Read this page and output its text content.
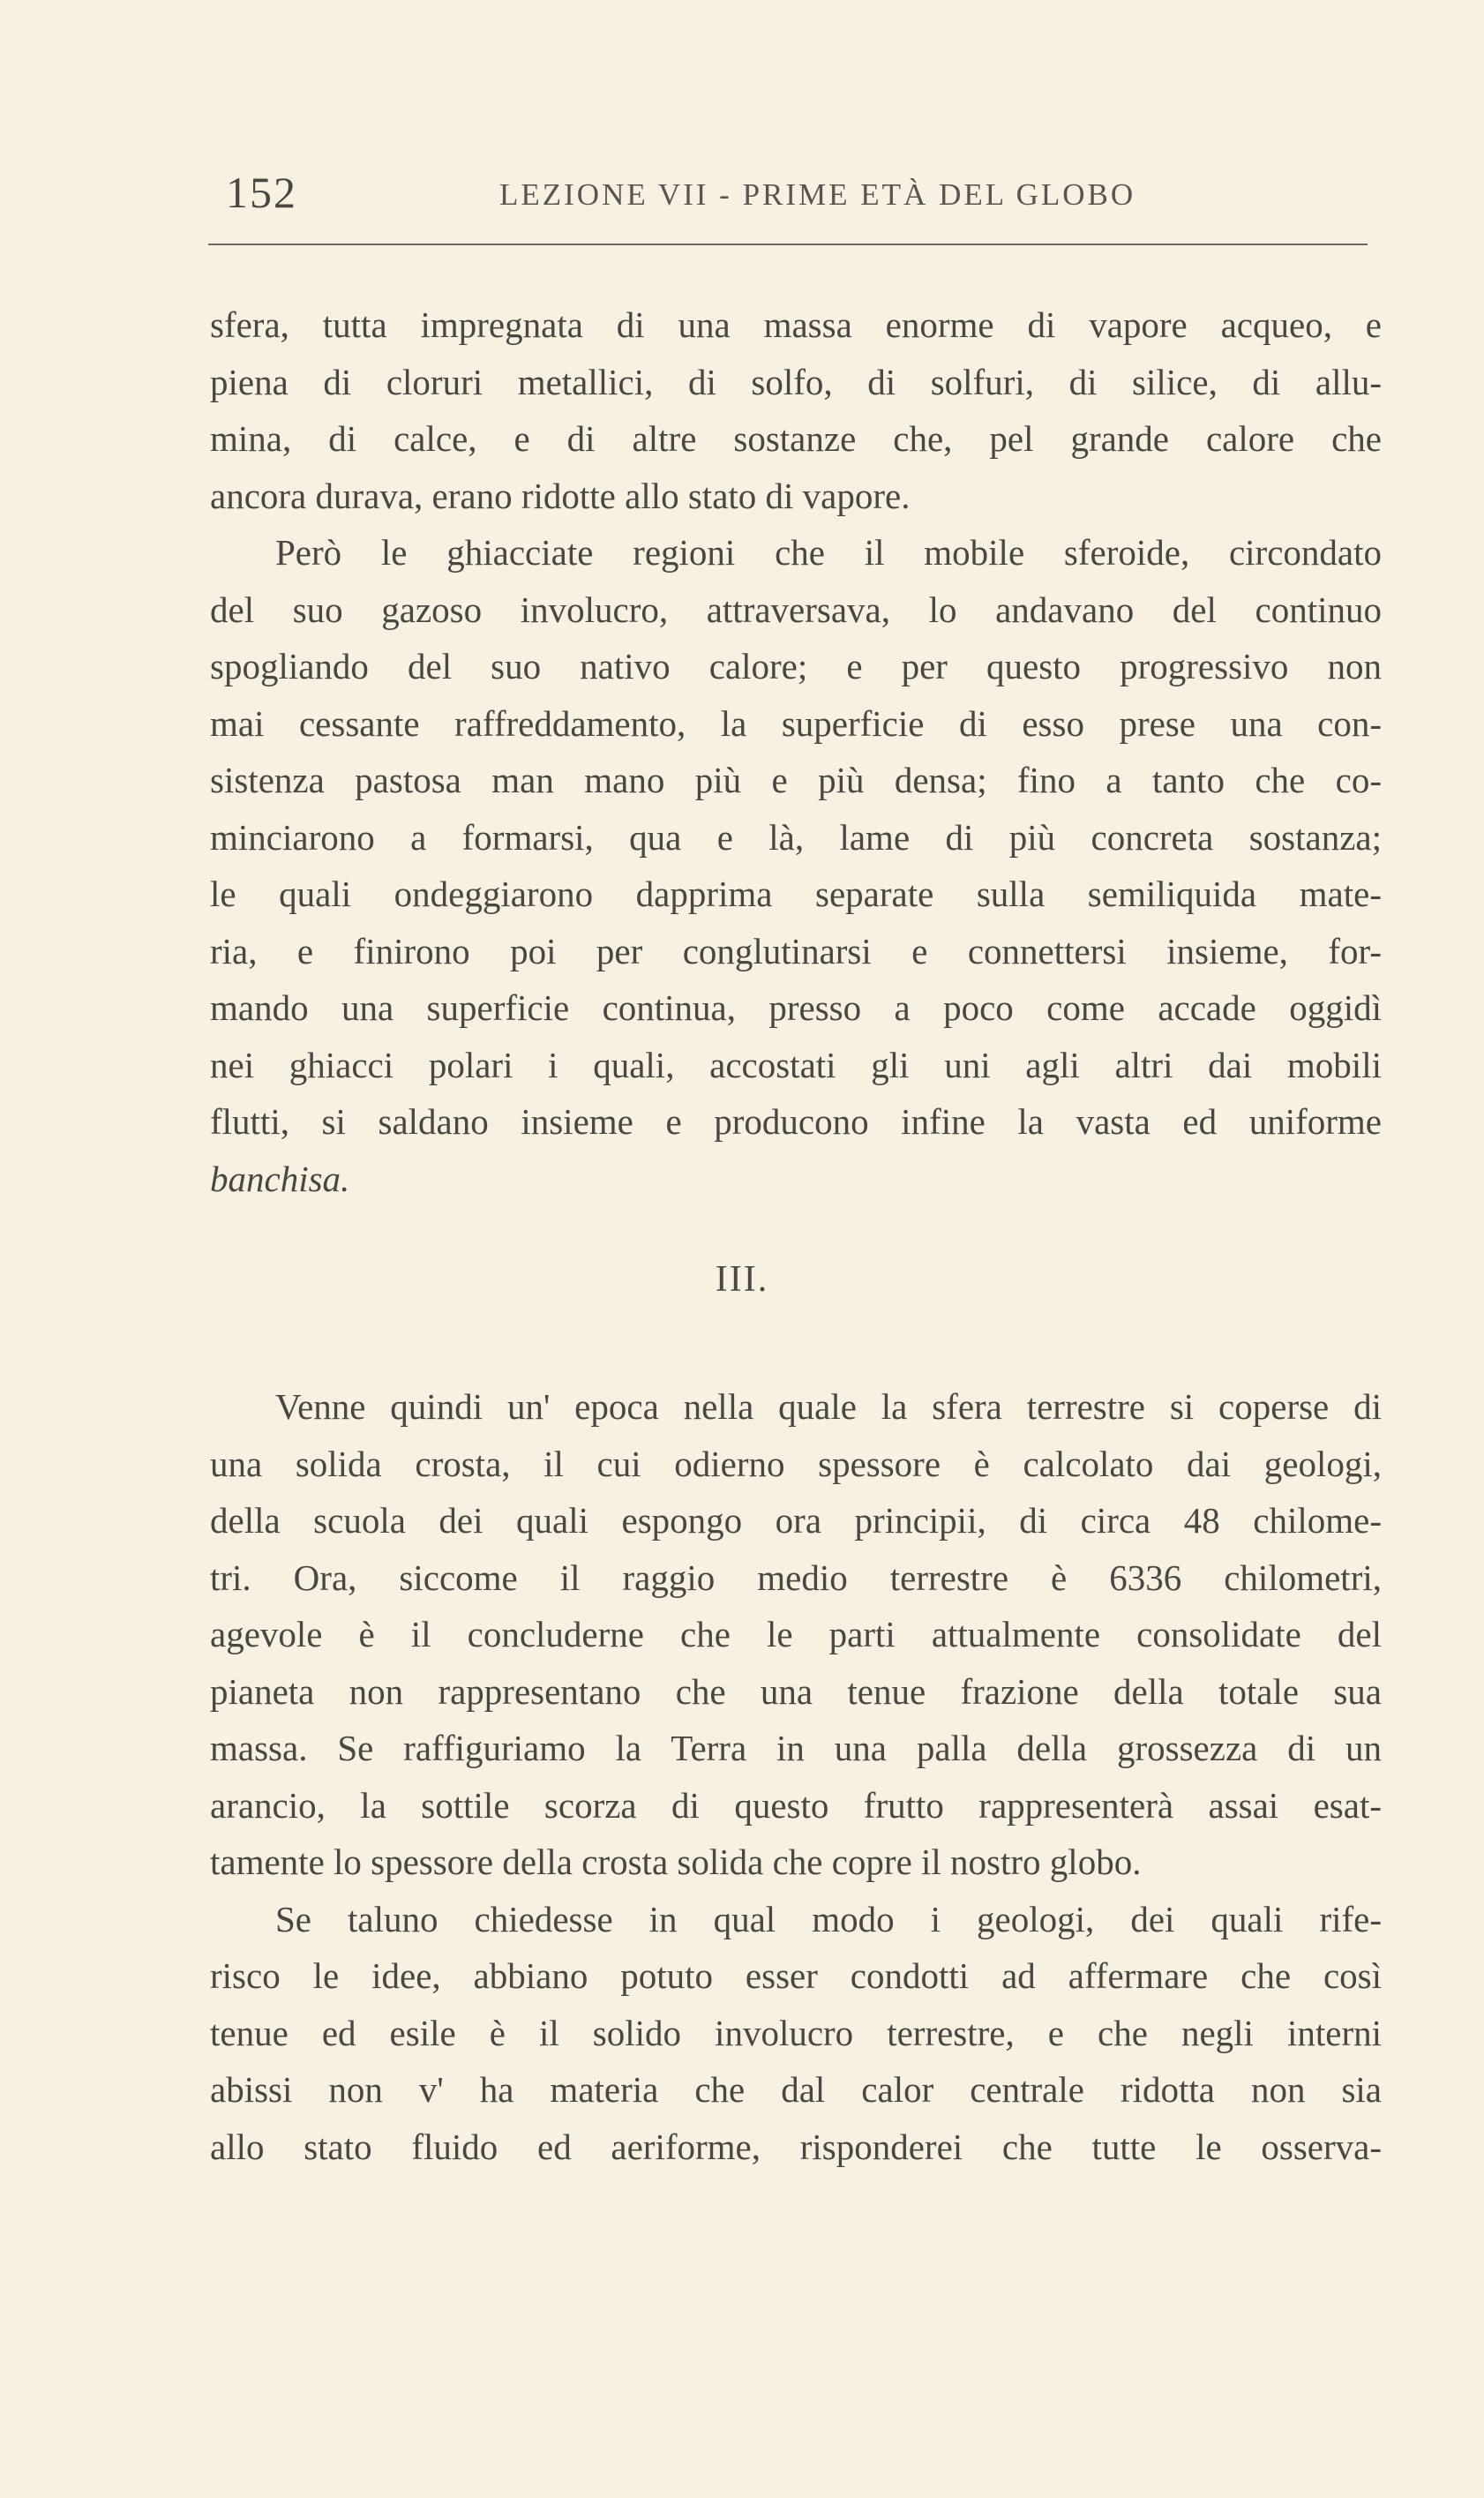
152	LEZIONE VII - PRIME ETÀ DEL GLOBO
sfera, tutta impregnata di una massa enorme di vapore acqueo, e
piena di cloruri metallici, di solfo, di solfuri, di silice, di allu-
mina, di calce, e di altre sostanze che, pel grande calore che
ancora durava, erano ridotte allo stato di vapore.
Però le ghiacciate regioni che il mobile sferoide, circondato
del suo gazoso involucro, attraversava, lo andavano del continuo
spogliando del suo nativo calore; e per questo progressivo non
mai cessante raffreddamento, la superficie di esso prese una con-
sistenza pastosa man mano più e più densa; fino a tanto che co-
minciarono a formarsi, qua e là, lame di più concreta sostanza;
le quali ondeggiarono dapprima separate sulla semiliquida mate-
ria, e finirono poi per conglutinarsi e connettersi insieme, for-
mando una superficie continua, presso a poco come accade oggidì
nei ghiacci polari i quali, accostati gli uni agli altri dai mobili
flutti, si saldano insieme e producono infine la vasta ed uniforme
banchisa.
III.
Venne quindi un' epoca nella quale la sfera terrestre si coperse di
una solida crosta, il cui odierno spessore è calcolato dai geologi,
della scuola dei quali espongo ora principii, di circa 48 chilome-
tri. Ora, siccome il raggio medio terrestre è 6336 chilometri,
agevole è il concluderne che le parti attualmente consolidate del
pianeta non rappresentano che una tenue frazione della totale sua
massa. Se raffiguriamo la Terra in una palla della grossezza di un
arancio, la sottile scorza di questo frutto rappresenterà assai esat-
tamente lo spessore della crosta solida che copre il nostro globo.
Se taluno chiedesse in qual modo i geologi, dei quali rife-
risco le idee, abbiano potuto esser condotti ad affermare che così
tenue ed esile è il solido involucro terrestre, e che negli interni
abissi non v' ha materia che dal calor centrale ridotta non sia
allo stato fluido ed aeriforme, risponderei che tutte le osserva-
